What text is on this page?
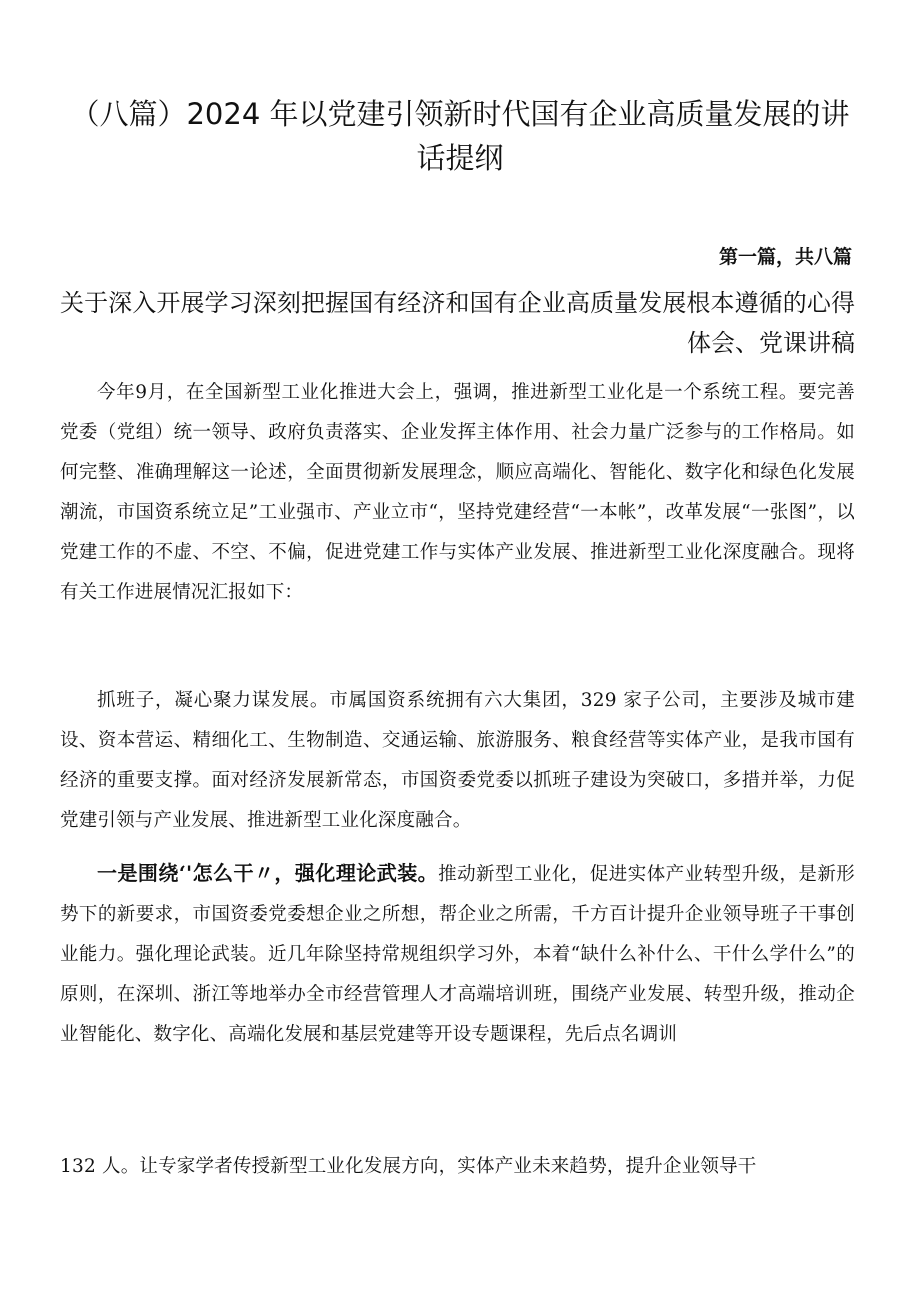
（八篇）2024 年以党建引领新时代国有企业高质量发展的讲话提纲
第一篇，共八篇
关于深入开展学习深刻把握国有经济和国有企业高质量发展根本遵循的心得体会、党课讲稿

今年9月，在全国新型工业化推进大会上，强调，推进新型工业化是一个系统工程。要完善党委（党组）统一领导、政府负责落实、企业发挥主体作用、社会力量广泛参与的工作格局。如何完整、准确理解这一论述，全面贯彻新发展理念，顺应高端化、智能化、数字化和绿色化发展潮流，市国资系统立足”工业强市、产业立市“，坚持党建经营“一本帐”，改革发展“一张图”，以党建工作的不虚、不空、不偏，促进党建工作与实体产业发展、推进新型工业化深度融合。现将有关工作进展情况汇报如下：

抓班子，凝心聚力谋发展。市属国资系统拥有六大集团，329 家子公司，主要涉及城市建设、资本营运、精细化工、生物制造、交通运输、旅游服务、粮食经营等实体产业，是我市国有经济的重要支撑。面对经济发展新常态，市国资委党委以抓班子建设为突破口，多措并举，力促党建引领与产业发展、推进新型工业化深度融合。

一是围绕‘'怎么干〃，强化理论武装。推动新型工业化，促进实体产业转型升级，是新形势下的新要求，市国资委党委想企业之所想，帮企业之所需，千方百计提升企业领导班子干事创业能力。强化理论武装。近几年除坚持常规组织学习外，本着“缺什么补什么、干什么学什么”的原则，在深圳、浙江等地举办全市经营管理人才高端培训班，围绕产业发展、转型升级，推动企业智能化、数字化、高端化发展和基层党建等开设专题课程，先后点名调训

132 人。让专家学者传授新型工业化发展方向，实体产业未来趋势，提升企业领导干
